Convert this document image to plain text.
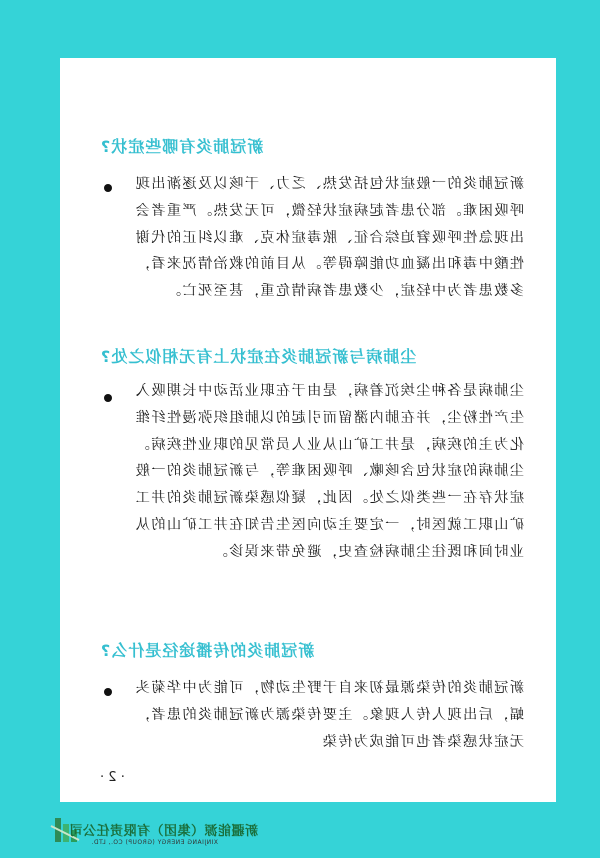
新冠肺炎有哪些症状?
新冠肺炎的一般症状包括发热、乏力、干咳以及逐渐出现呼吸困难。部分患者起病症状轻微，可无发热。严重者会出现急性呼吸窘迫综合征、脓毒症休克、难以纠正的代谢性酸中毒和出凝血功能障碍等。从目前的救治情况来看，多数患者为中轻症，少数患者病情危重，甚至死亡。
尘肺病与新冠肺炎在症状上有无相似之处?
尘肺病是各种尘埃沉着病，是由于在职业活动中长期吸入生产性粉尘，并在肺内潴留而引起的以肺组织弥漫性纤维化为主的疾病，是井工矿山从业人员常见的职业性疾病。尘肺病的症状包含咳嗽、呼吸困难等，与新冠肺炎的一般症状存在一些类似之处。因此，疑似感染新冠肺炎的井工矿山职工就医时，一定要主动向医生告知在井工矿山的从业时间和既往尘肺病检查史，避免带来误诊。
新冠肺炎的传播途径是什么?
新冠肺炎的传染源最初来自于野生动物，可能为中华菊头蝠，后出现人传人现象。主要传染源为新冠肺炎的患者，无症状感染者也可能成为传染
· 2 ·
新疆能源（集团）有限责任公司
XINJIANG ENERGY (GROUP) CO., LTD.
